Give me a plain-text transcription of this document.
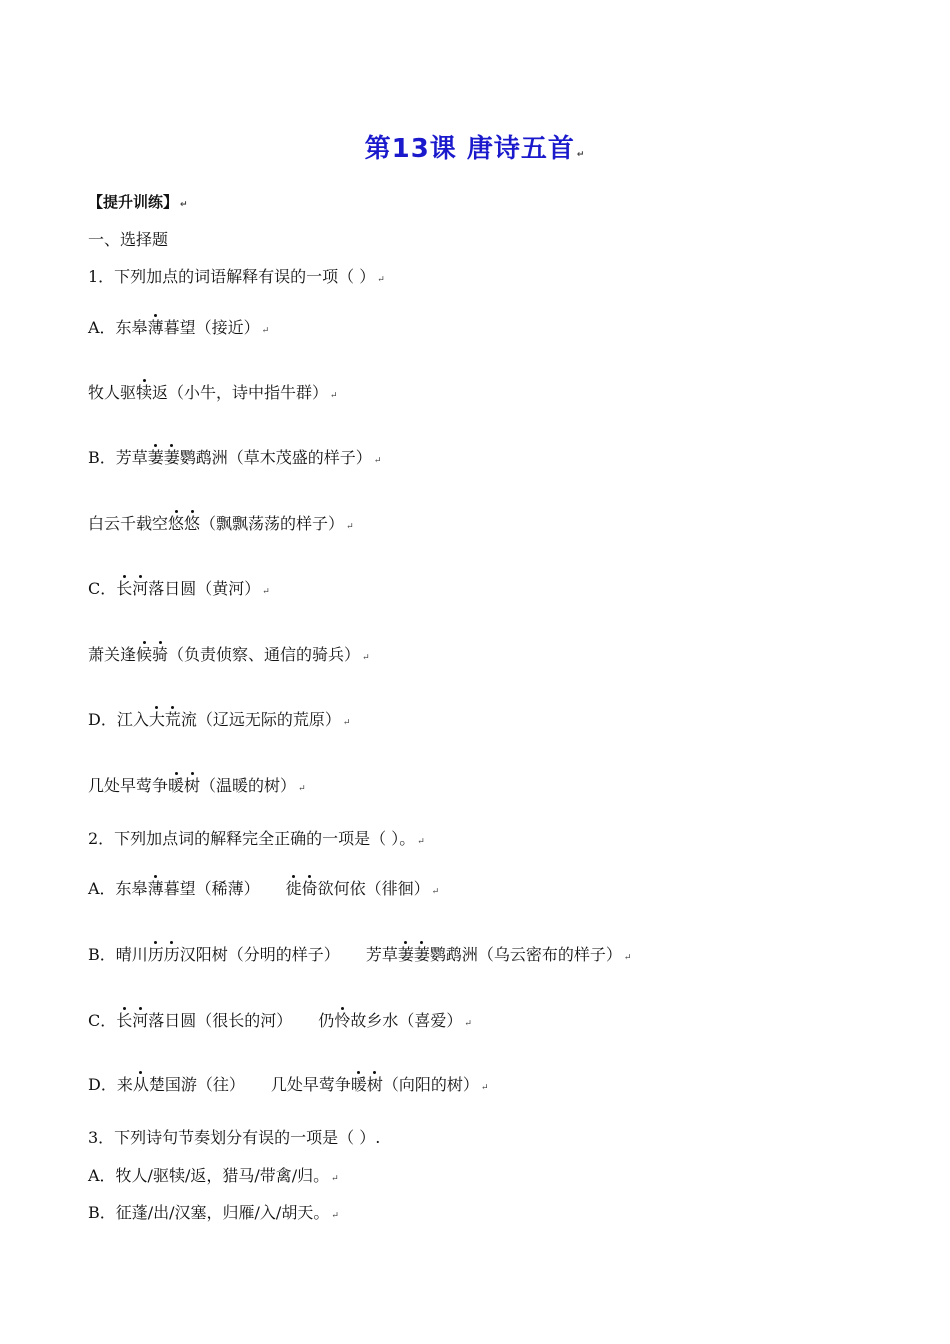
第13课 唐诗五首 ↵
【提升训练】 ↵
一、选择题
1．下列加点的词语解释有误的一项（ ） ↵
A．东皋薄暮望（接近） ↵
牧人驱犊返（小牛，诗中指牛群） ↵
B．芳草萋萋鹦鹉洲（草木茂盛的样子） ↵
白云千载空悠悠（飘飘荡荡的样子） ↵
C．长河落日圆（黄河） ↵
萧关逢候骑（负责侦察、通信的骑兵） ↵
D．江入大荒流（辽远无际的荒原） ↵
几处早莺争暖树（温暖的树） ↵
2．下列加点词的解释完全正确的一项是（ ）。 ↵
A．东皋薄暮望（稀薄） 徙倚欲何依（徘徊） ↵
B．晴川历历汉阳树（分明的样子） 芳草萋萋鹦鹉洲（乌云密布的样子） ↵
C．长河落日圆（很长的河） 仍怜故乡水（喜爱） ↵
D．来从楚国游（往） 几处早莺争暖树（向阳的树） ↵
3．下列诗句节奏划分有误的一项是（ ）.
A．牧人/驱犊/返，猎马/带禽/归。 ↵
B．征蓬/出/汉塞，归雁/入/胡天。 ↵
